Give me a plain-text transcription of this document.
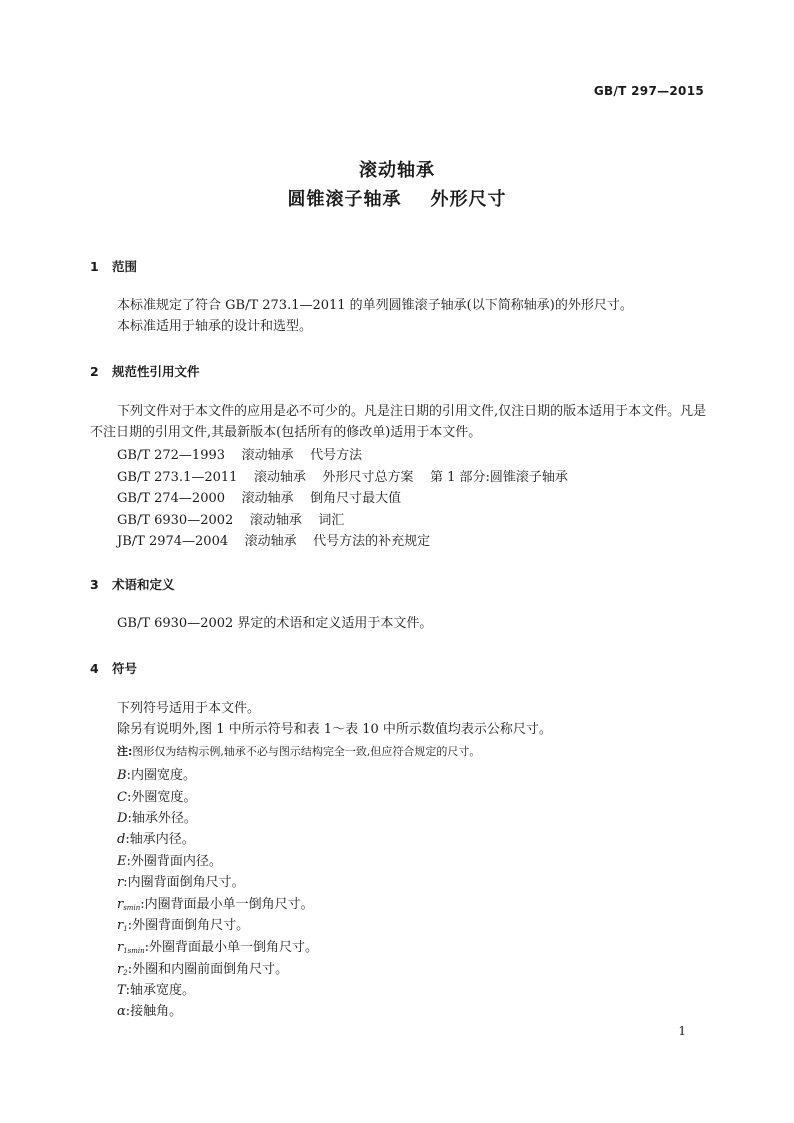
GB/T 297—2015
滚动轴承
圆锥滚子轴承    外形尺寸
1 范围
本标准规定了符合 GB/T 273.1—2011 的单列圆锥滚子轴承(以下简称轴承)的外形尺寸。
本标准适用于轴承的设计和选型。
2 规范性引用文件
下列文件对于本文件的应用是必不可少的。凡是注日期的引用文件,仅注日期的版本适用于本文件。凡是不注日期的引用文件,其最新版本(包括所有的修改单)适用于本文件。
GB/T 272—1993 滚动轴承    代号方法
GB/T 273.1—2011 滚动轴承    外形尺寸总方案    第 1 部分:圆锥滚子轴承
GB/T 274—2000 滚动轴承    倒角尺寸最大值
GB/T 6930—2002 滚动轴承    词汇
JB/T 2974—2004 滚动轴承    代号方法的补充规定
3 术语和定义
GB/T 6930—2002 界定的术语和定义适用于本文件。
4 符号
下列符号适用于本文件。
除另有说明外,图 1 中所示符号和表 1～表 10 中所示数值均表示公称尺寸。
注:图形仅为结构示例,轴承不必与图示结构完全一致,但应符合规定的尺寸。
B:内圈宽度。
C:外圈宽度。
D:轴承外径。
d:轴承内径。
E:外圈背面内径。
r:内圈背面倒角尺寸。
$r_{smin}$:内圈背面最小单一倒角尺寸。
$r_1$:外圈背面倒角尺寸。
$r_{1smin}$:外圈背面最小单一倒角尺寸。
$r_2$:外圈和内圈前面倒角尺寸。
T:轴承宽度。
α:接触角。
1
